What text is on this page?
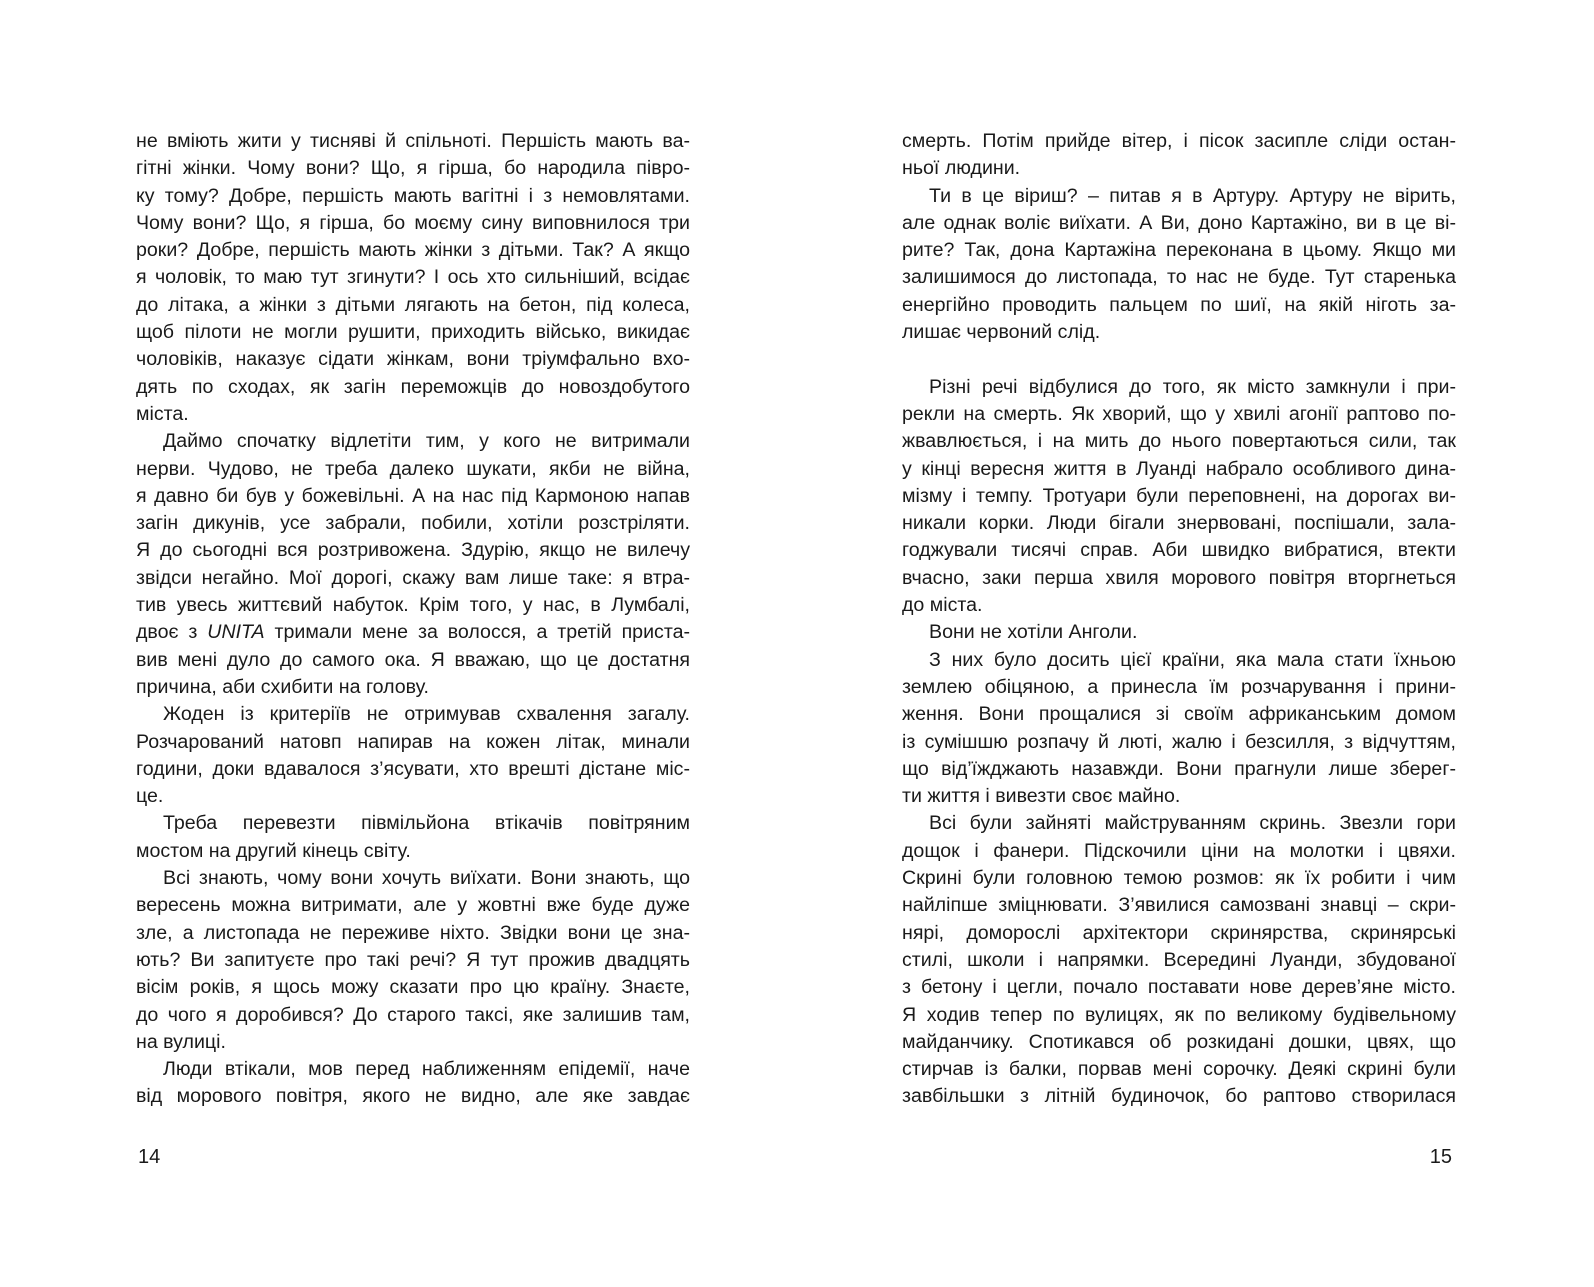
не вміють жити у тисняві й спільноті. Першість мають ва-
гітні жінки. Чому вони? Що, я гірша, бо народила півро-
ку тому? Добре, першість мають вагітні і з немовлятами.
Чому вони? Що, я гірша, бо моєму сину виповнилося три
роки? Добре, першість мають жінки з дітьми. Так? А якщо
я чоловік, то маю тут згинути? І ось хто сильніший, всідає
до літака, а жінки з дітьми лягають на бетон, під колеса,
щоб пілоти не могли рушити, приходить військо, викидає
чоловіків, наказує сідати жінкам, вони тріумфально вхо-
дять по сходах, як загін переможців до новоздобутого
міста.
Даймо спочатку відлетіти тим, у кого не витримали
нерви. Чудово, не треба далеко шукати, якби не війна,
я давно би був у божевільні. А на нас під Кармоною напав
загін дикунів, усе забрали, побили, хотіли розстріляти.
Я до сьогодні вся розтривожена. Здурію, якщо не вилечу
звідси негайно. Мої дорогі, скажу вам лише таке: я втра-
тив увесь життєвий набуток. Крім того, у нас, в Лумбалі,
двоє з UNITA тримали мене за волосся, а третій приста-
вив мені дуло до самого ока. Я вважаю, що це достатня
причина, аби схибити на голову.
Жоден із критеріїв не отримував схвалення загалу.
Розчарований натовп напирав на кожен літак, минали
години, доки вдавалося з’ясувати, хто врешті дістане міс-
це.
Треба перевезти півмільйона втікачів повітряним
мостом на другий кінець світу.
Всі знають, чому вони хочуть виїхати. Вони знають, що
вересень можна витримати, але у жовтні вже буде дуже
зле, а листопада не переживе ніхто. Звідки вони це зна-
ють? Ви запитуєте про такі речі? Я тут прожив двадцять
вісім років, я щось можу сказати про цю країну. Знаєте,
до чого я доробився? До старого таксі, яке залишив там,
на вулиці.
Люди втікали, мов перед наближенням епідемії, наче
від морового повітря, якого не видно, але яке завдає
смерть. Потім прийде вітер, і пісок засипле сліди остан-
ньої людини.
Ти в це віриш? – питав я в Артуру. Артуру не вірить,
але однак воліє виїхати. А Ви, доно Картажіно, ви в це ві-
рите? Так, дона Картажіна переконана в цьому. Якщо ми
залишимося до листопада, то нас не буде. Тут старенька
енергійно проводить пальцем по шиї, на якій ніготь за-
лишає червоний слід.
Різні речі відбулися до того, як місто замкнули і при-
рекли на смерть. Як хворий, що у хвилі агонії раптово по-
жвавлюється, і на мить до нього повертаються сили, так
у кінці вересня життя в Луанді набрало особливого дина-
мізму і темпу. Тротуари були переповнені, на дорогах ви-
никали корки. Люди бігали знервовані, поспішали, зала-
годжували тисячі справ. Аби швидко вибратися, втекти
вчасно, заки перша хвиля морового повітря вторгнеться
до міста.
Вони не хотіли Анголи.
З них було досить цієї країни, яка мала стати їхньою
землею обіцяною, а принесла їм розчарування і прини-
ження. Вони прощалися зі своїм африканським домом
із сумішшю розпачу й люті, жалю і безсилля, з відчуттям,
що від’їжджають назавжди. Вони прагнули лише зберег-
ти життя і вивезти своє майно.
Всі були зайняті майструванням скринь. Звезли гори
дощок і фанери. Підскочили ціни на молотки і цвяхи.
Скрині були головною темою розмов: як їх робити і чим
найліпше зміцнювати. З’явилися самозвані знавці – скри-
нярі, доморослі архітектори скринярства, скринярські
стилі, школи і напрямки. Всередині Луанди, збудованої
з бетону і цегли, почало поставати нове дерев’яне місто.
Я ходив тепер по вулицях, як по великому будівельному
майданчику. Спотикався об розкидані дошки, цвях, що
стирчав із балки, порвав мені сорочку. Деякі скрині були
завбільшки з літній будиночок, бо раптово створилася
14	15
